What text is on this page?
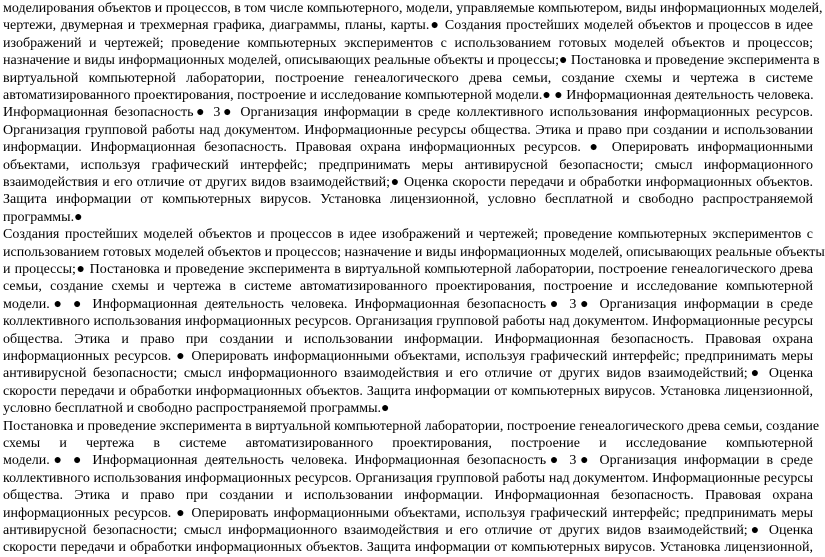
моделирования объектов и процессов, в том числе компьютерного, модели, управляемые компьютером, виды информационных моделей,
чертежи, двумерная и трехмерная графика, диаграммы, планы, карты.● Создания простейших моделей объектов и процессов в идее
изображений и чертежей; проведение компьютерных экспериментов с использованием готовых моделей объектов и процессов;
назначение и виды информационных моделей, описывающих реальные объекты и процессы;● Постановка и проведение эксперимента в
виртуальной компьютерной лаборатории, построение генеалогического древа семьи, создание схемы и чертежа в системе
автоматизированного проектирования, построение и исследование компьютерной модели.● ● Информационная деятельность человека.
Информационная безопасность● 3● Организация информации в среде коллективного использования информационных ресурсов.
Организация групповой работы над документом. Информационные ресурсы общества. Этика и право при создании и использовании
информации. Информационная безопасность. Правовая охрана информационных ресурсов. ● Оперировать информационными
объектами, используя графический интерфейс; предпринимать меры антивирусной безопасности; смысл информационного
взаимодействия и его отличие от других видов взаимодействий;● Оценка скорости передачи и обработки информационных объектов.
Защита информации от компьютерных вирусов. Установка лицензионной, условно бесплатной и свободно распространяемой
программы.●
Создания простейших моделей объектов и процессов в идее изображений и чертежей; проведение компьютерных экспериментов с
использованием готовых моделей объектов и процессов; назначение и виды информационных моделей, описывающих реальные объекты
и процессы;● Постановка и проведение эксперимента в виртуальной компьютерной лаборатории, построение генеалогического древа
семьи, создание схемы и чертежа в системе автоматизированного проектирования, построение и исследование компьютерной
модели.● ● Информационная деятельность человека. Информационная безопасность● 3● Организация информации в среде
коллективного использования информационных ресурсов. Организация групповой работы над документом. Информационные ресурсы
общества. Этика и право при создании и использовании информации. Информационная безопасность. Правовая охрана
информационных ресурсов. ● Оперировать информационными объектами, используя графический интерфейс; предпринимать меры
антивирусной безопасности; смысл информационного взаимодействия и его отличие от других видов взаимодействий;● Оценка
скорости передачи и обработки информационных объектов. Защита информации от компьютерных вирусов. Установка лицензионной,
условно бесплатной и свободно распространяемой программы.●
Постановка и проведение эксперимента в виртуальной компьютерной лаборатории, построение генеалогического древа семьи, создание
схемы и чертежа в системе автоматизированного проектирования, построение и исследование компьютерной
модели.● ● Информационная деятельность человека. Информационная безопасность● 3● Организация информации в среде
коллективного использования информационных ресурсов. Организация групповой работы над документом. Информационные ресурсы
общества. Этика и право при создании и использовании информации. Информационная безопасность. Правовая охрана
информационных ресурсов. ● Оперировать информационными объектами, используя графический интерфейс; предпринимать меры
антивирусной безопасности; смысл информационного взаимодействия и его отличие от других видов взаимодействий;● Оценка
скорости передачи и обработки информационных объектов. Защита информации от компьютерных вирусов. Установка лицензионной,
